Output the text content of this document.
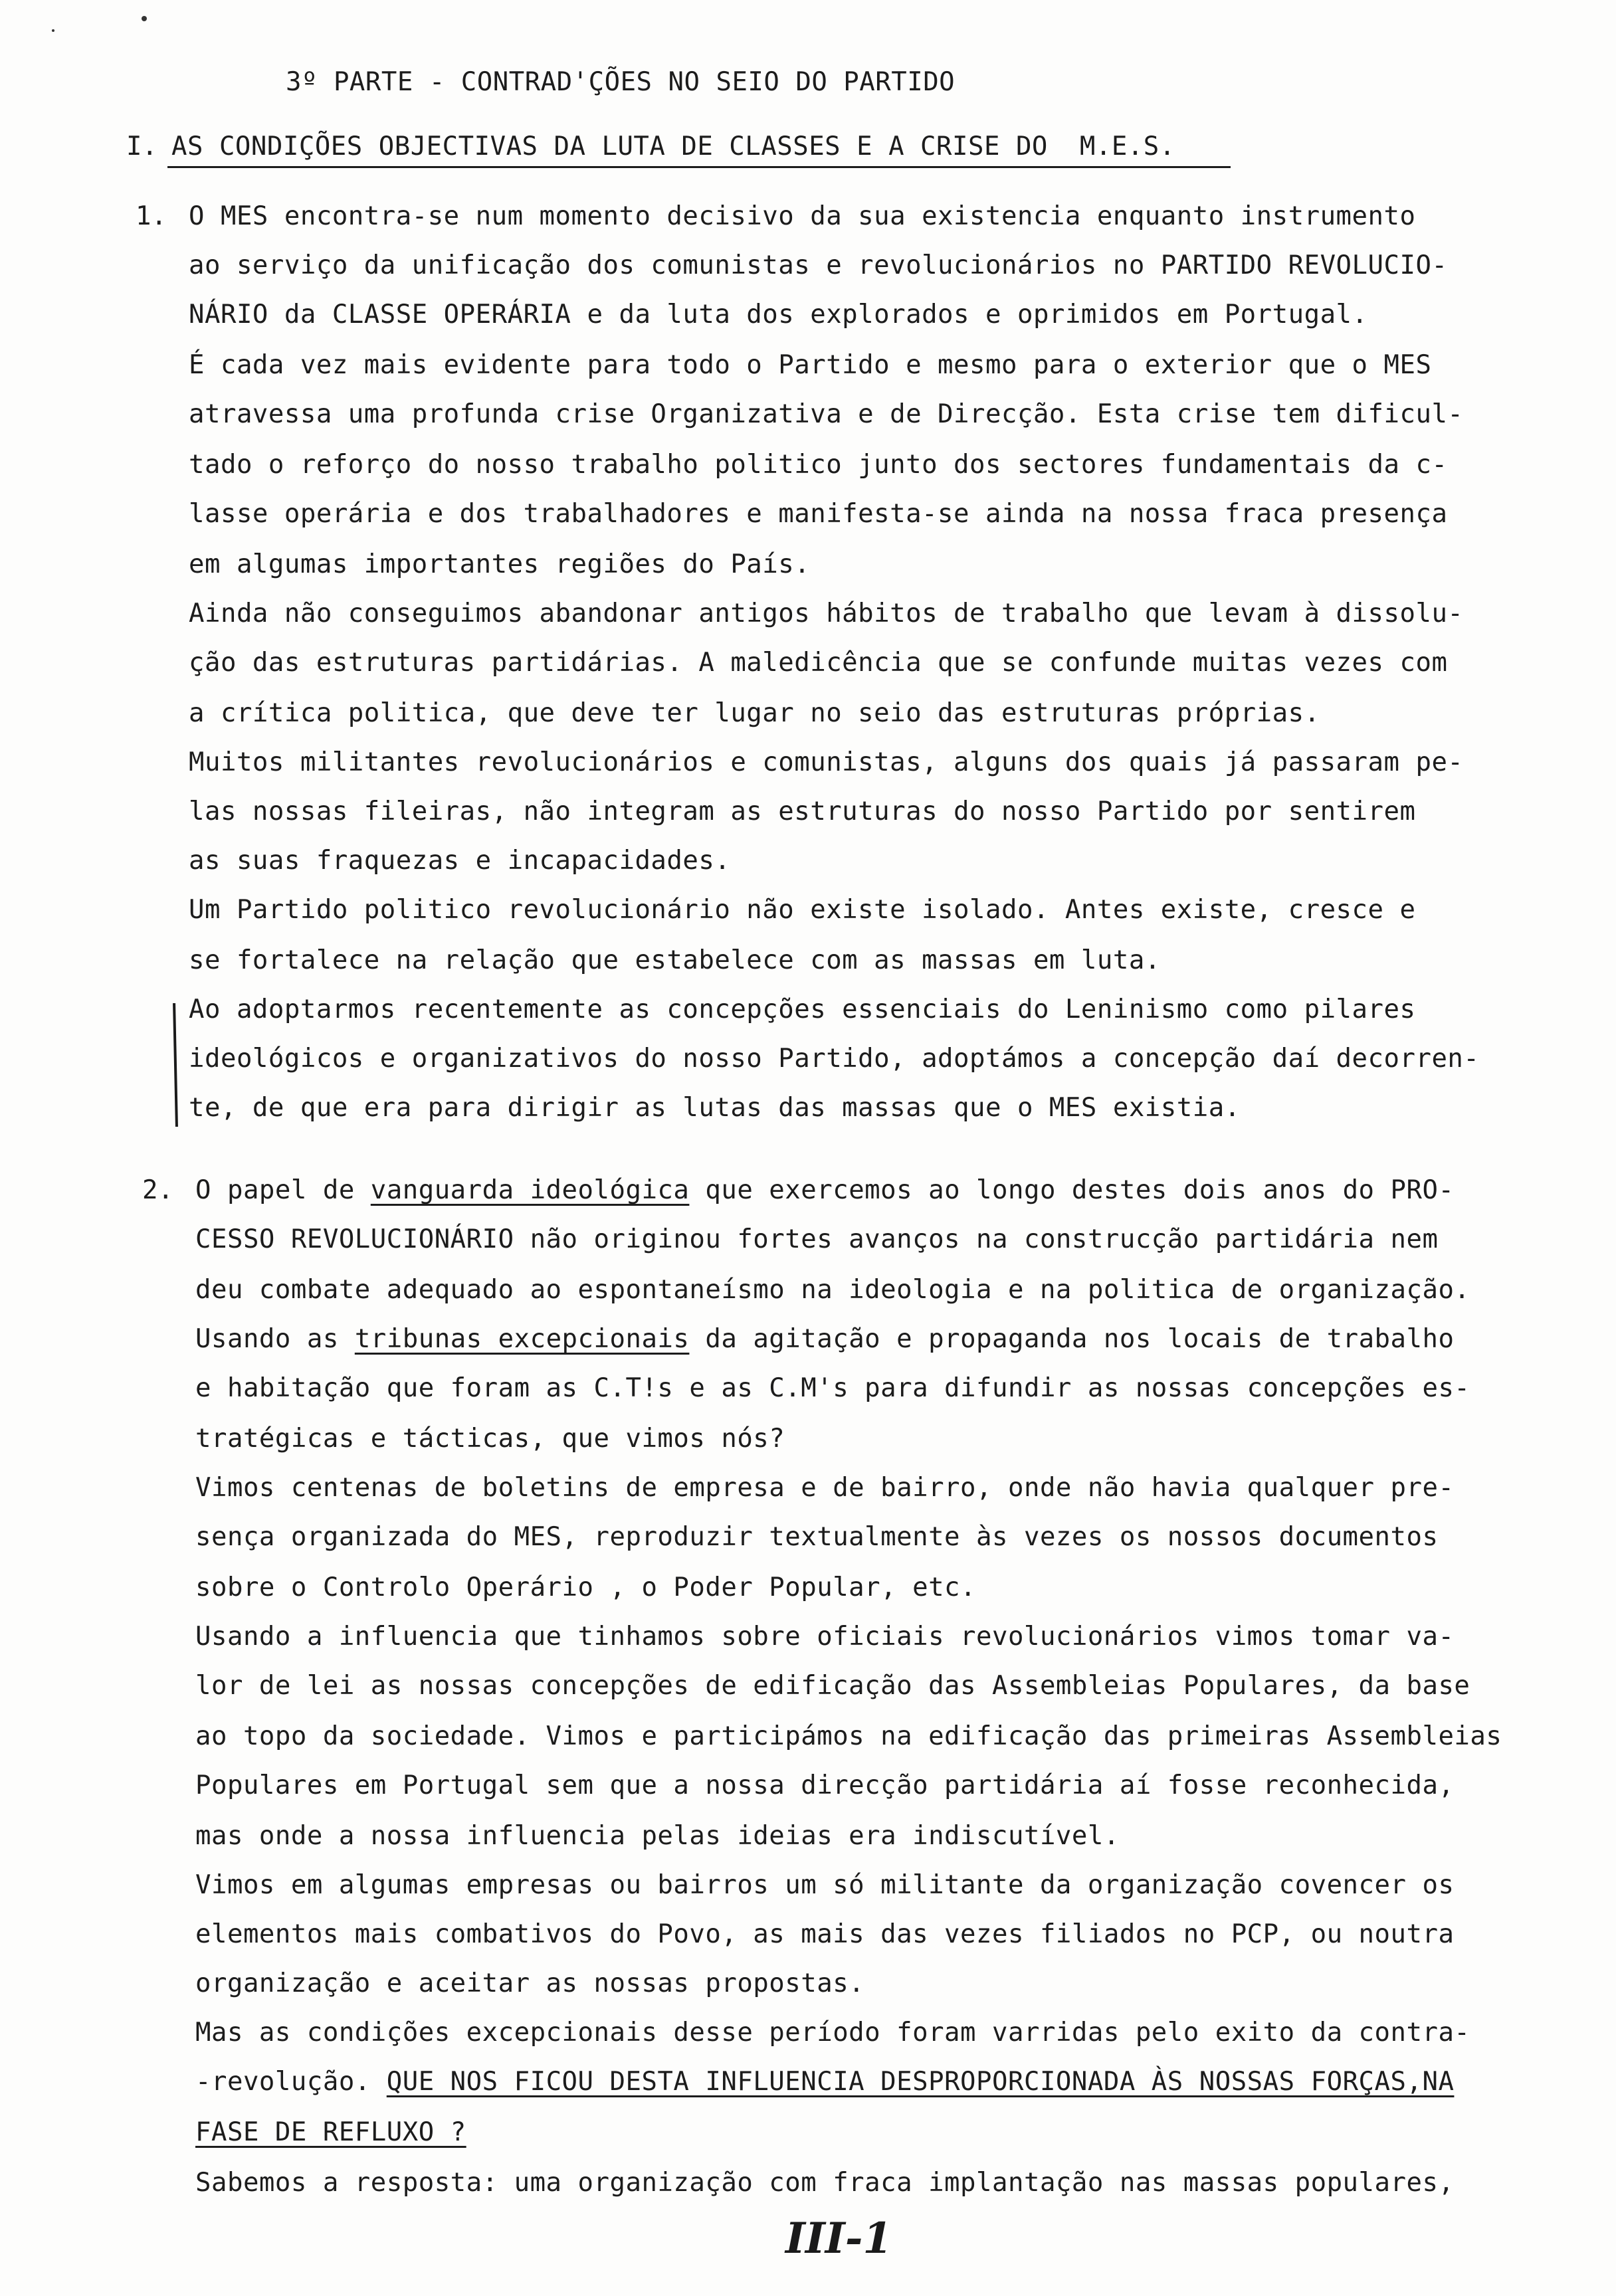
3º PARTE - CONTRAD'ÇÕES NO SEIO DO PARTIDO
I. AS CONDIÇÕES OBJECTIVAS DA LUTA DE CLASSES E A CRISE DO  M.E.S.
1. O MES encontra-se num momento decisivo da sua existencia enquanto instrumento
ao serviço da unificação dos comunistas e revolucionários no PARTIDO REVOLUCIO-
NÁRIO da CLASSE OPERÁRIA e da luta dos explorados e oprimidos em Portugal.
É cada vez mais evidente para todo o Partido e mesmo para o exterior que o MES
atravessa uma profunda crise Organizativa e de Direcção. Esta crise tem dificul-
tado o reforço do nosso trabalho politico junto dos sectores fundamentais da c-
lasse operária e dos trabalhadores e manifesta-se ainda na nossa fraca presença
em algumas importantes regiões do País.
Ainda não conseguimos abandonar antigos hábitos de trabalho que levam à dissolu-
ção das estruturas partidárias. A maledicência que se confunde muitas vezes com
a crítica politica, que deve ter lugar no seio das estruturas próprias.
Muitos militantes revolucionários e comunistas, alguns dos quais já passaram pe-
las nossas fileiras, não integram as estruturas do nosso Partido por sentirem
as suas fraquezas e incapacidades.
Um Partido politico revolucionário não existe isolado. Antes existe, cresce e
se fortalece na relação que estabelece com as massas em luta.
Ao adoptarmos recentemente as concepções essenciais do Leninismo como pilares
ideológicos e organizativos do nosso Partido, adoptámos a concepção daí decorren-
te, de que era para dirigir as lutas das massas que o MES existia.
2. O papel de vanguarda ideológica que exercemos ao longo destes dois anos do PRO-
CESSO REVOLUCIONÁRIO não originou fortes avanços na construcção partidária nem
deu combate adequado ao espontaneísmo na ideologia e na politica de organização.
Usando as tribunas excepcionais da agitação e propaganda nos locais de trabalho
e habitação que foram as C.T!s e as C.M's para difundir as nossas concepções es-
tratégicas e tácticas, que vimos nós?
Vimos centenas de boletins de empresa e de bairro, onde não havia qualquer pre-
sença organizada do MES, reproduzir textualmente às vezes os nossos documentos
sobre o Controlo Operário , o Poder Popular, etc.
Usando a influencia que tinhamos sobre oficiais revolucionários vimos tomar va-
lor de lei as nossas concepções de edificação das Assembleias Populares, da base
ao topo da sociedade. Vimos e participámos na edificação das primeiras Assembleias
Populares em Portugal sem que a nossa direcção partidária aí fosse reconhecida,
mas onde a nossa influencia pelas ideias era indiscutível.
Vimos em algumas empresas ou bairros um só militante da organização covencer os
elementos mais combativos do Povo, as mais das vezes filiados no PCP, ou noutra
organização e aceitar as nossas propostas.
Mas as condições excepcionais desse período foram varridas pelo exito da contra-
-revolução. QUE NOS FICOU DESTA INFLUENCIA DESPROPORCIONADA ÀS NOSSAS FORÇAS,NA
FASE DE REFLUXO ?
Sabemos a resposta: uma organização com fraca implantação nas massas populares,
III-1
